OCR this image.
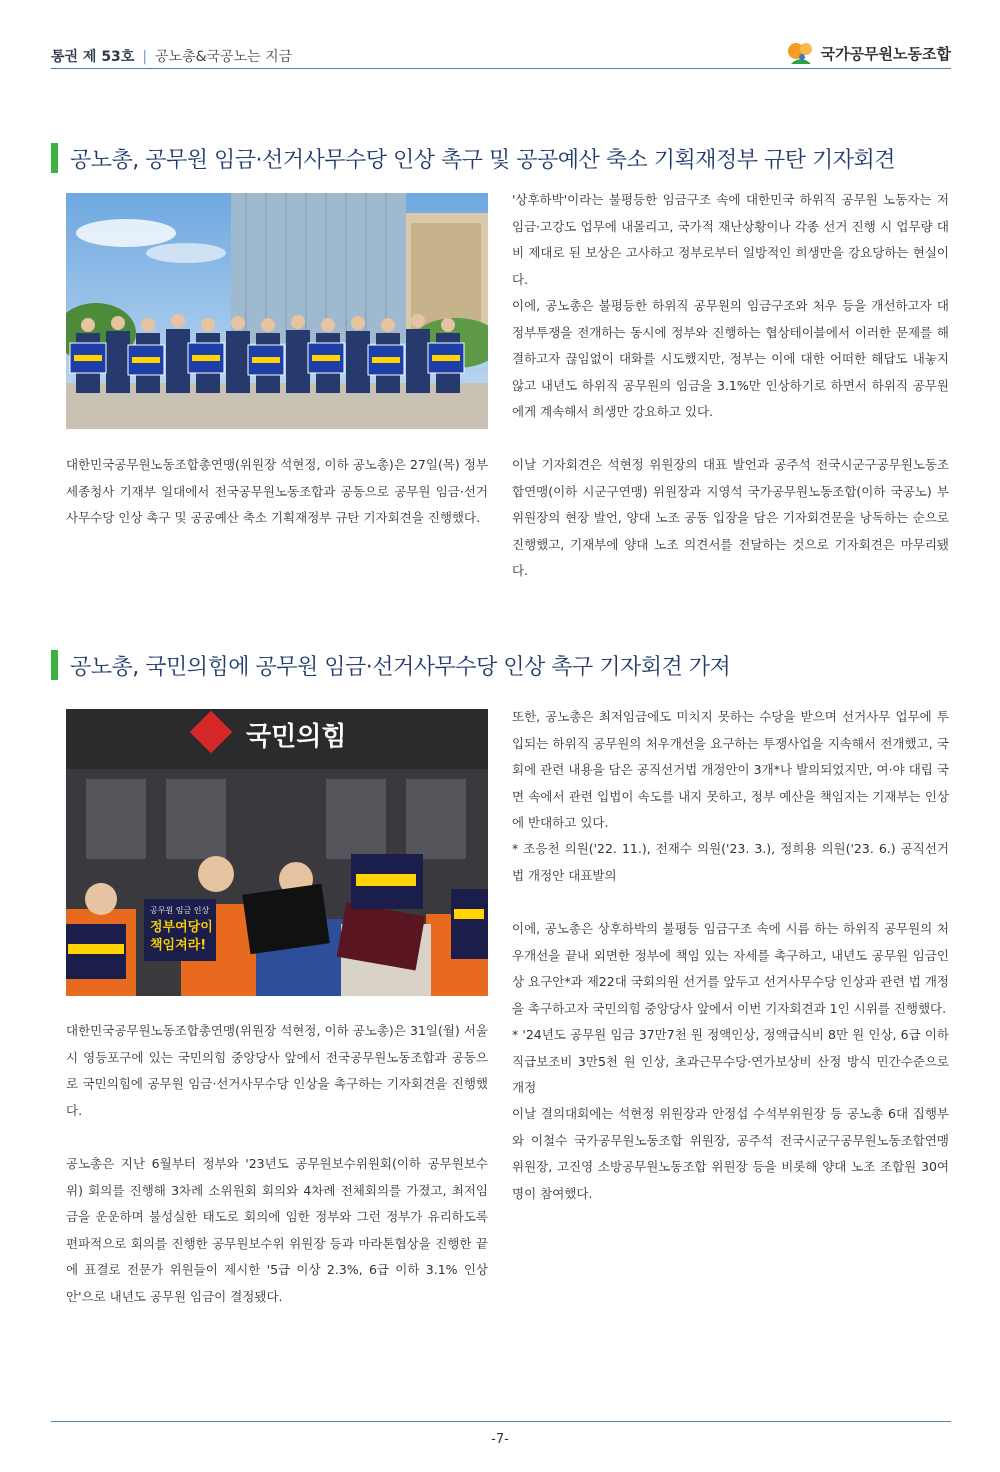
통권 제 53호 | 공노총&국공노는 지금	국가공무원노동조합
공노총, 공무원 임금·선거사무수당 인상 촉구 및 공공예산 축소 기획재정부 규탄 기자회견

대한민국공무원노동조합총연맹(위원장 석현정, 이하 공노총)은 27일(목) 정부세종청사 기재부 일대에서 전국공무원노동조합과 공동으로 공무원 임금·선거사무수당 인상 촉구 및 공공예산 축소 기획재정부 규탄 기자회견을 진행했다.

'상후하박'이라는 불평등한 임금구조 속에 대한민국 하위직 공무원 노동자는 저임금·고강도 업무에 내몰리고, 국가적 재난상황이나 각종 선거 진행 시 업무량 대비 제대로 된 보상은 고사하고 정부로부터 일방적인 희생만을 강요당하는 현실이다.

이에, 공노총은 불평등한 하위직 공무원의 임금구조와 처우 등을 개선하고자 대정부투쟁을 전개하는 동시에 정부와 진행하는 협상테이블에서 이러한 문제를 해결하고자 끊임없이 대화를 시도했지만, 정부는 이에 대한 어떠한 해답도 내놓지 않고 내년도 하위직 공무원의 임금을 3.1%만 인상하기로 하면서 하위직 공무원에게 계속해서 희생만 강요하고 있다.

이날 기자회견은 석현정 위원장의 대표 발언과 공주석 전국시군구공무원노동조합연맹(이하 시군구연맹) 위원장과 지영석 국가공무원노동조합(이하 국공노) 부위원장의 현장 발언, 양대 노조 공동 입장을 담은 기자회견문을 낭독하는 순으로 진행했고, 기재부에 양대 노조 의견서를 전달하는 것으로 기자회견은 마무리됐다.

공노총, 국민의힘에 공무원 임금·선거사무수당 인상 촉구 기자회견 가져
국민의힘
공무원 임금 인상
정부여당이
책임져라!

대한민국공무원노동조합총연맹(위원장 석현정, 이하 공노총)은 31일(월) 서울시 영등포구에 있는 국민의힘 중앙당사 앞에서 전국공무원노동조합과 공동으로 국민의힘에 공무원 임금·선거사무수당 인상을 촉구하는 기자회견을 진행했다.

공노총은 지난 6월부터 정부와 '23년도 공무원보수위원회(이하 공무원보수위) 회의를 진행해 3차례 소위원회 회의와 4차례 전체회의를 가졌고, 최저임금을 운운하며 불성실한 태도로 회의에 임한 정부와 그런 정부가 유리하도록 편파적으로 회의를 진행한 공무원보수위 위원장 등과 마라톤협상을 진행한 끝에 표결로 전문가 위원들이 제시한 '5급 이상 2.3%, 6급 이하 3.1% 인상안'으로 내년도 공무원 임금이 결정됐다.

또한, 공노총은 최저임금에도 미치지 못하는 수당을 받으며 선거사무 업무에 투입되는 하위직 공무원의 처우개선을 요구하는 투쟁사업을 지속해서 전개했고, 국회에 관련 내용을 담은 공직선거법 개정안이 3개*나 발의되었지만, 여·야 대립 국면 속에서 관련 입법이 속도를 내지 못하고, 정부 예산을 책임지는 기재부는 인상에 반대하고 있다.

* 조응천 의원('22. 11.), 전재수 의원('23. 3.), 정희용 의원('23. 6.) 공직선거법 개정안 대표발의

이에, 공노총은 상후하박의 불평등 임금구조 속에 시름 하는 하위직 공무원의 처우개선을 끝내 외면한 정부에 책임 있는 자세를 촉구하고, 내년도 공무원 임금인상 요구안*과 제22대 국회의원 선거를 앞두고 선거사무수당 인상과 관련 법 개정을 촉구하고자 국민의힘 중앙당사 앞에서 이번 기자회견과 1인 시위를 진행했다.

* '24년도 공무원 임금 37만7천 원 정액인상, 정액급식비 8만 원 인상, 6급 이하 직급보조비 3만5천 원 인상, 초과근무수당·연가보상비 산정 방식 민간수준으로 개정

이날 결의대회에는 석현정 위원장과 안정섭 수석부위원장 등 공노총 6대 집행부와 이철수 국가공무원노동조합 위원장, 공주석 전국시군구공무원노동조합연맹 위원장, 고진영 소방공무원노동조합 위원장 등을 비롯해 양대 노조 조합원 30여 명이 참여했다.

-7-
